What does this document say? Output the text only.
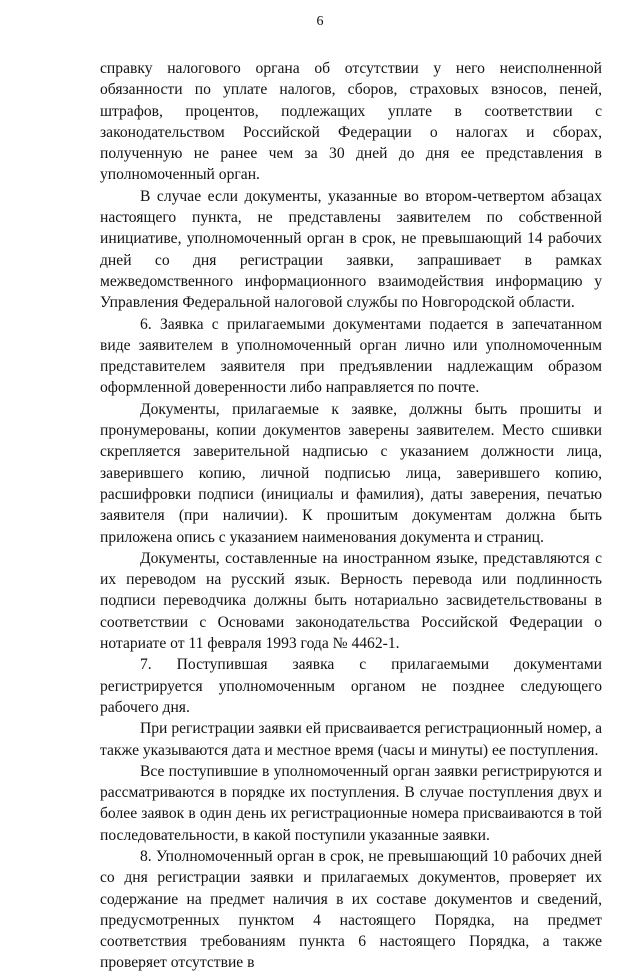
6

справку налогового органа об отсутствии у него неисполненной обязанности по уплате налогов, сборов, страховых взносов, пеней, штрафов, процентов, подлежащих уплате в соответствии с законодательством Российской Федерации о налогах и сборах, полученную не ранее чем за 30 дней до дня ее представления в уполномоченный орган.

В случае если документы, указанные во втором-четвертом абзацах настоящего пункта, не представлены заявителем по собственной инициативе, уполномоченный орган в срок, не превышающий 14 рабочих дней со дня регистрации заявки, запрашивает в рамках межведомственного информационного взаимодействия информацию у Управления Федеральной налоговой службы по Новгородской области.

6. Заявка с прилагаемыми документами подается в запечатанном виде заявителем в уполномоченный орган лично или уполномоченным представителем заявителя при предъявлении надлежащим образом оформленной доверенности либо направляется по почте.

Документы, прилагаемые к заявке, должны быть прошиты и пронумерованы, копии документов заверены заявителем. Место сшивки скрепляется заверительной надписью с указанием должности лица, заверившего копию, личной подписью лица, заверившего копию, расшифровки подписи (инициалы и фамилия), даты заверения, печатью заявителя (при наличии). К прошитым документам должна быть приложена опись с указанием наименования документа и страниц.

Документы, составленные на иностранном языке, представляются с их переводом на русский язык. Верность перевода или подлинность подписи переводчика должны быть нотариально засвидетельствованы в соответствии с Основами законодательства Российской Федерации о нотариате от 11 февраля 1993 года № 4462-1.

7. Поступившая заявка с прилагаемыми документами регистрируется уполномоченным органом не позднее следующего рабочего дня.

При регистрации заявки ей присваивается регистрационный номер, а также указываются дата и местное время (часы и минуты) ее поступления.

Все поступившие в уполномоченный орган заявки регистрируются и рассматриваются в порядке их поступления. В случае поступления двух и более заявок в один день их регистрационные номера присваиваются в той последовательности, в какой поступили указанные заявки.

8. Уполномоченный орган в срок, не превышающий 10 рабочих дней со дня регистрации заявки и прилагаемых документов, проверяет их содержание на предмет наличия в их составе документов и сведений, предусмотренных пунктом 4 настоящего Порядка, на предмет соответствия требованиям пункта 6 настоящего Порядка, а также проверяет отсутствие в
